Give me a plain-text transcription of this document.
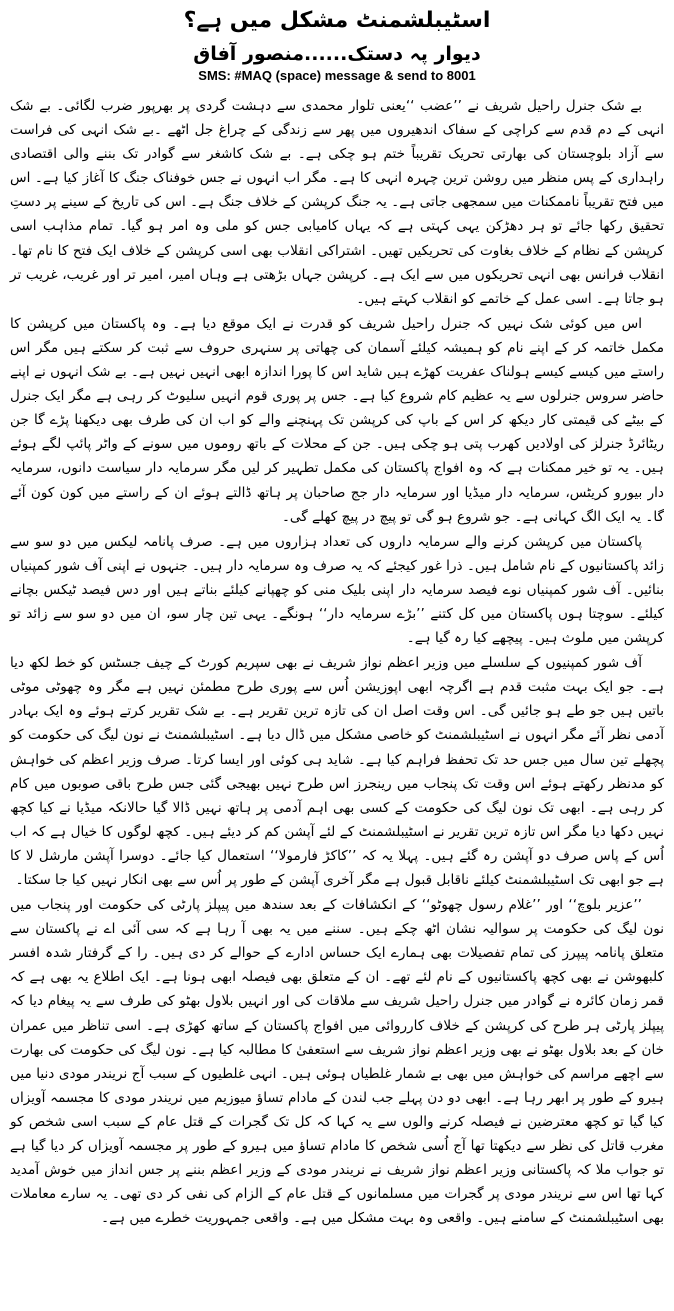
اسٹیبلشمنٹ مشکل میں ہے؟
دیوار پہ دستک......منصور آفاق
SMS: #MAQ (space) message & send to 8001

بے شک جنرل راحیل شریف نے ’’عضب ‘‘یعنی تلوار محمدی سے دہشت گردی پر بھرپور ضرب لگائی۔ بے شک انہی کے دم قدم سے کراچی کے سفاک اندھیروں میں پھر سے زندگی کے چراغ جل اٹھے ۔بے شک انہی کی فراست سے آزاد بلوچستان کی بھارتی تحریک تقریباً ختم ہو چکی ہے۔ بے شک کاشغر سے گوادر تک بننے والی اقتصادی راہداری کے پس منظر میں روشن ترین چہرہ انہی کا ہے۔ مگر اب انہوں نے جس خوفناک جنگ کا آغاز کیا ہے۔ اس میں فتح تقریباً ناممکنات میں سمجھی جاتی ہے۔ یہ جنگ کرپشن کے خلاف جنگ ہے۔ اس کی تاریخ کے سینے پر دستِ تحقیق رکھا جائے تو ہر دھڑکن یہی کہتی ہے کہ یہاں کامیابی جس کو ملی وہ امر ہو گیا۔ تمام مذاہب اسی کرپشن کے نظام کے خلاف بغاوت کی تحریکیں تھیں۔ اشتراکی انقلاب بھی اسی کرپشن کے خلاف ایک فتح کا نام تھا۔ انقلاب فرانس بھی انہی تحریکوں میں سے ایک ہے۔ کرپشن جہاں بڑھتی ہے وہاں امیر، امیر تر اور غریب، غریب تر ہو جاتا ہے۔ اسی عمل کے خاتمے کو انقلاب کہتے ہیں۔

اس میں کوئی شک نہیں کہ جنرل راحیل شریف کو قدرت نے ایک موقع دیا ہے۔ وہ پاکستان میں کرپشن کا مکمل خاتمہ کر کے اپنے نام کو ہمیشہ کیلئے آسمان کی چھاتی پر سنہری حروف سے ثبت کر سکتے ہیں مگر اس راستے میں کیسے کیسے ہولناک عفریت کھڑے ہیں شاید اس کا پورا اندازہ ابھی انہیں نہیں ہے۔ بے شک انہوں نے اپنے حاضر سروس جنرلوں سے یہ عظیم کام شروع کیا ہے۔ جس پر پوری قوم انہیں سلیوٹ کر رہی ہے مگر ایک جنرل کے بیٹے کی قیمتی کار دیکھ کر اس کے باپ کی کرپشن تک پہنچنے والے کو اب ان کی طرف بھی دیکھنا پڑے گا جن ریٹائرڈ جنرلز کی اولادیں کھرب پتی ہو چکی ہیں۔ جن کے محلات کے باتھ روموں میں سونے کے واٹر پائپ لگے ہوئے ہیں۔ یہ تو خیر ممکنات ہے کہ وہ افواج پاکستان کی مکمل تطہیر کر لیں مگر سرمایہ دار سیاست دانوں، سرمایہ دار بیورو کریٹس، سرمایہ دار میڈیا اور سرمایہ دار جج صاحبان پر ہاتھ ڈالتے ہوئے ان کے راستے میں کون کون آئے گا۔ یہ ایک الگ کہانی ہے۔ جو شروع ہو گی تو پیچ در پیچ کھلے گی۔

پاکستان میں کرپشن کرنے والے سرمایہ داروں کی تعداد ہزاروں میں ہے۔ صرف پانامہ لیکس میں دو سو سے زائد پاکستانیوں کے نام شامل ہیں۔ ذرا غور کیجئے کہ یہ صرف وہ سرمایہ دار ہیں۔ جنہوں نے اپنی آف شور کمپنیاں بنائیں۔ آف شور کمپنیاں نوے فیصد سرمایہ دار اپنی بلیک منی کو چھپانے کیلئے بناتے ہیں اور دس فیصد ٹیکس بچانے کیلئے۔ سوچتا ہوں پاکستان میں کل کتنے ’’بڑے سرمایہ دار‘‘ ہونگے۔ یہی تین چار سو، ان میں دو سو سے زائد تو کرپشن میں ملوث ہیں۔ پیچھے کیا رہ گیا ہے۔

آف شور کمپنیوں کے سلسلے میں وزیر اعظم نواز شریف نے بھی سپریم کورٹ کے چیف جسٹس کو خط لکھ دیا ہے۔ جو ایک بہت مثبت قدم ہے اگرچہ ابھی اپوزیشن اُس سے پوری طرح مطمئن نہیں ہے مگر وہ چھوٹی موٹی باتیں ہیں جو طے ہو جائیں گی۔ اس وقت اصل ان کی تازہ ترین تقریر ہے۔ بے شک تقریر کرتے ہوئے وہ ایک بہادر آدمی نظر آئے مگر انہوں نے اسٹیبلشمنٹ کو خاصی مشکل میں ڈال دیا ہے۔ اسٹیبلشمنٹ نے نون لیگ کی حکومت کو پچھلے تین سال میں جس حد تک تحفظ فراہم کیا ہے۔ شاید ہی کوئی اور ایسا کرتا۔ صرف وزیر اعظم کی خواہش کو مدنظر رکھتے ہوئے اس وقت تک پنجاب میں رینجرز اس طرح نہیں بھیجی گئی جس طرح باقی صوبوں میں کام کر رہی ہے۔ ابھی تک نون لیگ کی حکومت کے کسی بھی اہم آدمی پر ہاتھ نہیں ڈالا گیا حالانکہ میڈیا نے کیا کچھ نہیں دکھا دیا مگر اس تازہ ترین تقریر نے اسٹیبلشمنٹ کے لئے آپشن کم کر دیئے ہیں۔ کچھ لوگوں کا خیال ہے کہ اب اُس کے پاس صرف دو آپشن رہ گئے ہیں۔ پہلا یہ کہ ’’کاکڑ فارمولا‘‘ استعمال کیا جائے۔ دوسرا آپشن مارشل لا کا ہے جو ابھی تک اسٹیبلشمنٹ کیلئے ناقابل قبول ہے مگر آخری آپشن کے طور پر اُس سے بھی انکار نہیں کیا جا سکتا۔

’’عزیر بلوچ‘‘ اور ’’غلام رسول چھوٹو‘‘ کے انکشافات کے بعد سندھ میں پیپلز پارٹی کی حکومت اور پنجاب میں نون لیگ کی حکومت پر سوالیہ نشان اٹھ چکے ہیں۔ سننے میں یہ بھی آ رہا ہے کہ سی آئی اے نے پاکستان سے متعلق پانامہ پیپرز کی تمام تفصیلات بھی ہمارے ایک حساس ادارے کے حوالے کر دی ہیں۔ را کے گرفتار شدہ افسر کلبھوشن نے بھی کچھ پاکستانیوں کے نام لئے تھے۔ ان کے متعلق بھی فیصلہ ابھی ہونا ہے۔ ایک اطلاع یہ بھی ہے کہ قمر زمان کائرہ نے گوادر میں جنرل راحیل شریف سے ملاقات کی اور انہیں بلاول بھٹو کی طرف سے یہ پیغام دیا کہ پیپلز پارٹی ہر طرح کی کرپشن کے خلاف کارروائی میں افواج پاکستان کے ساتھ کھڑی ہے۔ اسی تناظر میں عمران خان کے بعد بلاول بھٹو نے بھی وزیر اعظم نواز شریف سے استعفیٰ کا مطالبہ کیا ہے۔ نون لیگ کی حکومت کی بھارت سے اچھے مراسم کی خواہش میں بھی بے شمار غلطیاں ہوئی ہیں۔ انہی غلطیوں کے سبب آج نریندر مودی دنیا میں ہیرو کے طور پر ابھر رہا ہے۔ ابھی دو دن پہلے جب لندن کے مادام تساؤ میوزیم میں نریندر مودی کا مجسمہ آویزاں کیا گیا تو کچھ معترضین نے فیصلہ کرنے والوں سے یہ کہا کہ کل تک گجرات کے قتل عام کے سبب اسی شخص کو مغرب قاتل کی نظر سے دیکھتا تھا آج اُسی شخص کا مادام تساؤ میں ہیرو کے طور پر مجسمہ آویزاں کر دیا گیا ہے تو جواب ملا کہ پاکستانی وزیر اعظم نواز شریف نے نریندر مودی کے وزیر اعظم بننے پر جس انداز میں خوش آمدید کہا تھا اس سے نریندر مودی پر گجرات میں مسلمانوں کے قتل عام کے الزام کی نفی کر دی تھی۔ یہ سارے معاملات بھی اسٹیبلشمنٹ کے سامنے ہیں۔ واقعی وہ بہت مشکل میں ہے۔ واقعی جمہوریت خطرے میں ہے۔
